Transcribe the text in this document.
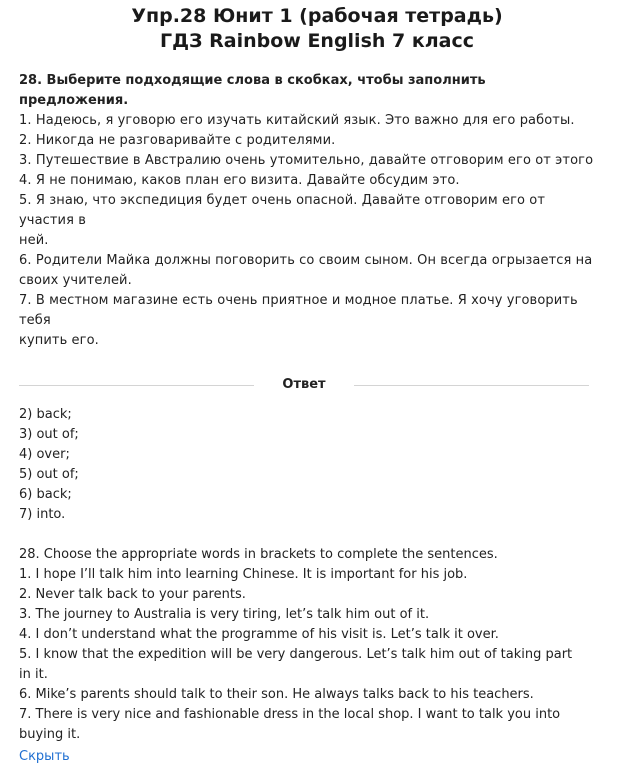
Упр.28 Юнит 1 (рабочая тетрадь)
ГДЗ Rainbow English 7 класс

28. Выберите подходящие слова в скобках, чтобы заполнить предложения.

1. Надеюсь, я уговорю его изучать китайский язык. Это важно для его работы.

2. Никогда не разговаривайте с родителями.

3. Путешествие в Австралию очень утомительно, давайте отговорим его от этого

4. Я не понимаю, каков план его визита. Давайте обсудим это.

5. Я знаю, что экспедиция будет очень опасной. Давайте отговорим его от участия в

ней.

6. Родители Майка должны поговорить со своим сыном. Он всегда огрызается на

своих учителей.

7. В местном магазине есть очень приятное и модное платье. Я хочу уговорить тебя

купить его.

Ответ

2) back;

3) out of;

4) over;

5) out of;

6) back;

7) into.

28. Choose the appropriate words in brackets to complete the sentences.

1. I hope I’ll talk him into learning Chinese. It is important for his job.

2. Never talk back to your parents.

3. The journey to Australia is very tiring, let’s talk him out of it.

4. I don’t understand what the programme of his visit is. Let’s talk it over.

5. I know that the expedition will be very dangerous. Let’s talk him out of taking part

in it.

6. Mike’s parents should talk to their son. He always talks back to his teachers.

7. There is very nice and fashionable dress in the local shop. I want to talk you into

buying it.

Скрыть
